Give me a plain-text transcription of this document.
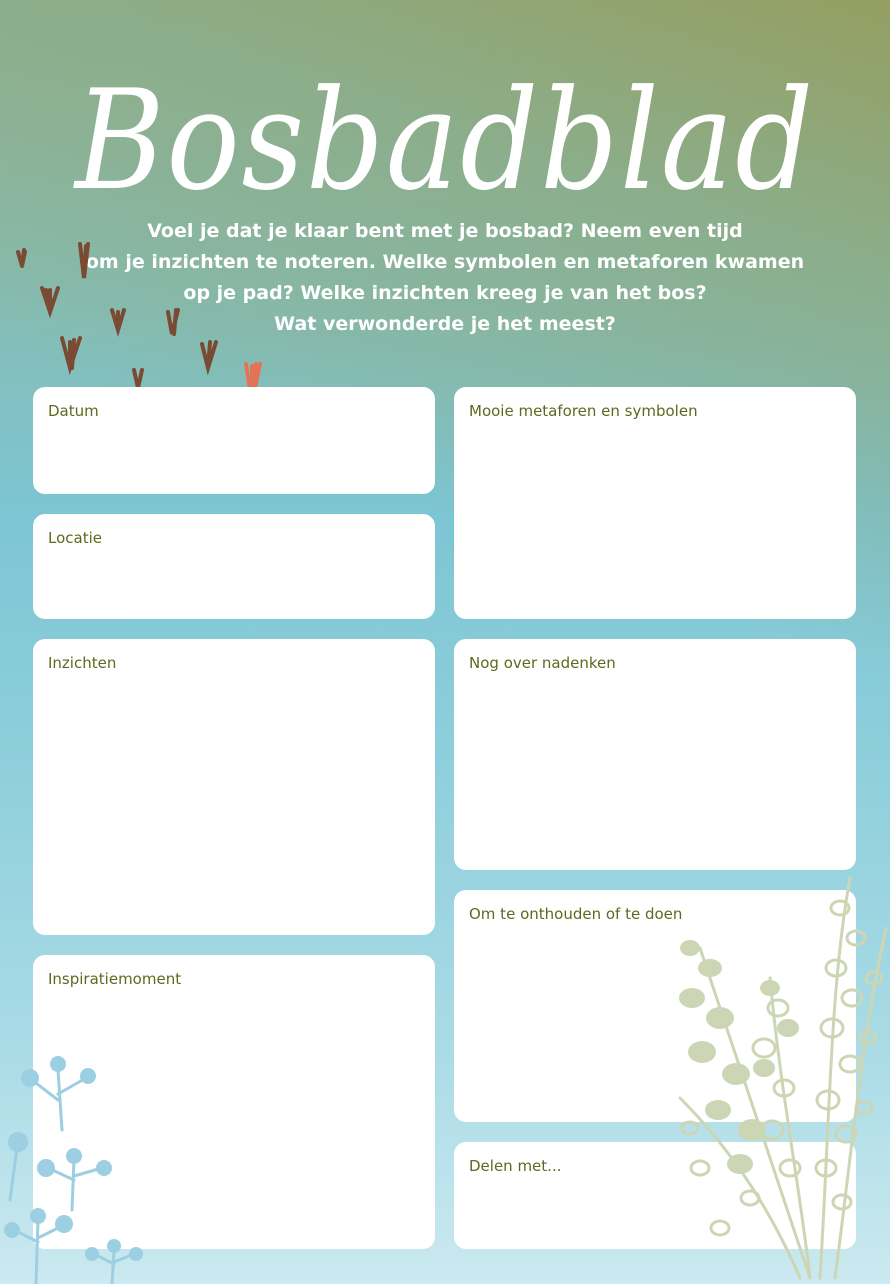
Bosbadblad
Voel je dat je klaar bent met je bosbad? Neem even tijd
om je inzichten te noteren. Welke symbolen en metaforen kwamen
op je pad? Welke inzichten kreeg je van het bos?
Wat verwonderde je het meest?
Datum
Locatie
Inzichten
Inspiratiemoment
Mooie metaforen en symbolen
Nog over nadenken
Om te onthouden of te doen
Delen met...
